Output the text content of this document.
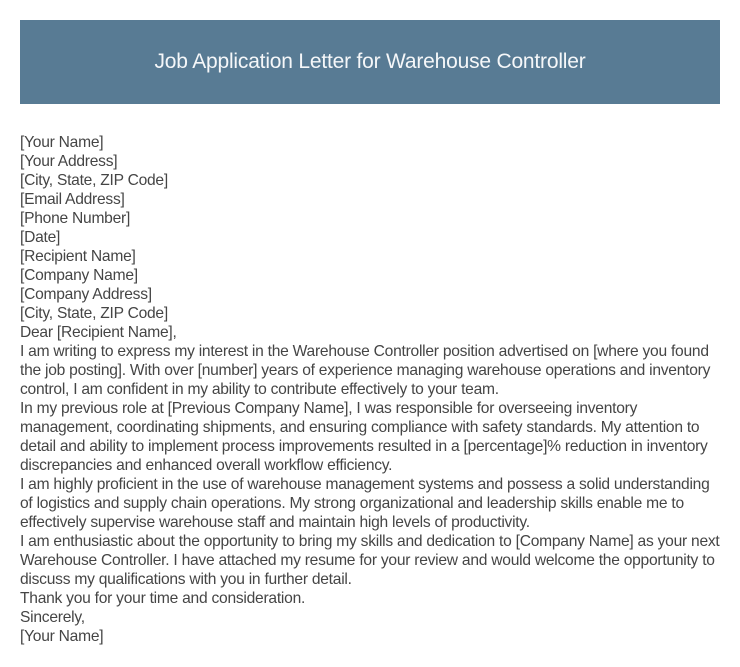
Job Application Letter for Warehouse Controller

[Your Name]

[Your Address]

[City, State, ZIP Code]

[Email Address]

[Phone Number]

[Date]

[Recipient Name]

[Company Name]

[Company Address]

[City, State, ZIP Code]

Dear [Recipient Name],

I am writing to express my interest in the Warehouse Controller position advertised on [where you found the job posting]. With over [number] years of experience managing warehouse operations and inventory control, I am confident in my ability to contribute effectively to your team.

In my previous role at [Previous Company Name], I was responsible for overseeing inventory management, coordinating shipments, and ensuring compliance with safety standards. My attention to detail and ability to implement process improvements resulted in a [percentage]% reduction in inventory discrepancies and enhanced overall workflow efficiency.

I am highly proficient in the use of warehouse management systems and possess a solid understanding of logistics and supply chain operations. My strong organizational and leadership skills enable me to effectively supervise warehouse staff and maintain high levels of productivity.

I am enthusiastic about the opportunity to bring my skills and dedication to [Company Name] as your next Warehouse Controller. I have attached my resume for your review and would welcome the opportunity to discuss my qualifications with you in further detail.

Thank you for your time and consideration.

Sincerely,

[Your Name]
